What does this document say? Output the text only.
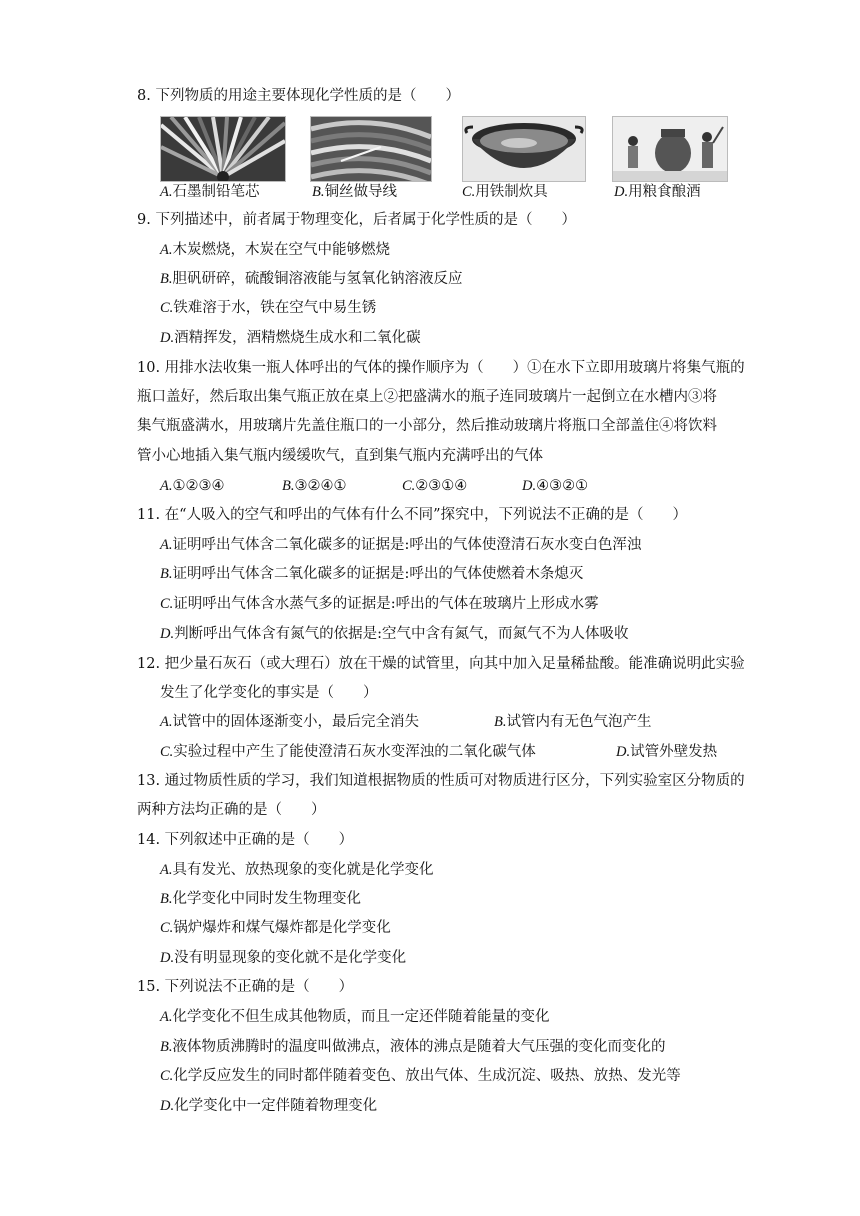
8. 下列物质的用途主要体现化学性质的是（　　）
A.石墨制铅笔芯	B.铜丝做导线	C.用铁制炊具	D.用粮食酿酒
9. 下列描述中，前者属于物理变化，后者属于化学性质的是（　　）
A.木炭燃烧，木炭在空气中能够燃烧
B.胆矾研碎，硫酸铜溶液能与氢氧化钠溶液反应
C.铁难溶于水，铁在空气中易生锈
D.酒精挥发，酒精燃烧生成水和二氧化碳
10. 用排水法收集一瓶人体呼出的气体的操作顺序为（　　）①在水下立即用玻璃片将集气瓶的
瓶口盖好，然后取出集气瓶正放在桌上②把盛满水的瓶子连同玻璃片一起倒立在水槽内③将
集气瓶盛满水，用玻璃片先盖住瓶口的一小部分，然后推动玻璃片将瓶口全部盖住④将饮料
管小心地插入集气瓶内缓缓吹气，直到集气瓶内充满呼出的气体
A.①②③④	B.③②④①	C.②③①④	D.④③②①
11. 在“人吸入的空气和呼出的气体有什么不同”探究中，下列说法不正确的是（　　）
A.证明呼出气体含二氧化碳多的证据是:呼出的气体使澄清石灰水变白色浑浊
B.证明呼出气体含二氧化碳多的证据是:呼出的气体使燃着木条熄灭
C.证明呼出气体含水蒸气多的证据是:呼出的气体在玻璃片上形成水雾
D.判断呼出气体含有氮气的依据是:空气中含有氮气，而氮气不为人体吸收
12. 把少量石灰石（或大理石）放在干燥的试管里，向其中加入足量稀盐酸。能准确说明此实验
发生了化学变化的事实是（　　）
A.试管中的固体逐渐变小，最后完全消失	B.试管内有无色气泡产生
C.实验过程中产生了能使澄清石灰水变浑浊的二氧化碳气体	D.试管外壁发热
13. 通过物质性质的学习，我们知道根据物质的性质可对物质进行区分，下列实验室区分物质的
两种方法均正确的是（　　）
14. 下列叙述中正确的是（　　）
A.具有发光、放热现象的变化就是化学变化
B.化学变化中同时发生物理变化
C.锅炉爆炸和煤气爆炸都是化学变化
D.没有明显现象的变化就不是化学变化
15. 下列说法不正确的是（　　）
A.化学变化不但生成其他物质，而且一定还伴随着能量的变化
B.液体物质沸腾时的温度叫做沸点，液体的沸点是随着大气压强的变化而变化的
C.化学反应发生的同时都伴随着变色、放出气体、生成沉淀、吸热、放热、发光等
D.化学变化中一定伴随着物理变化
